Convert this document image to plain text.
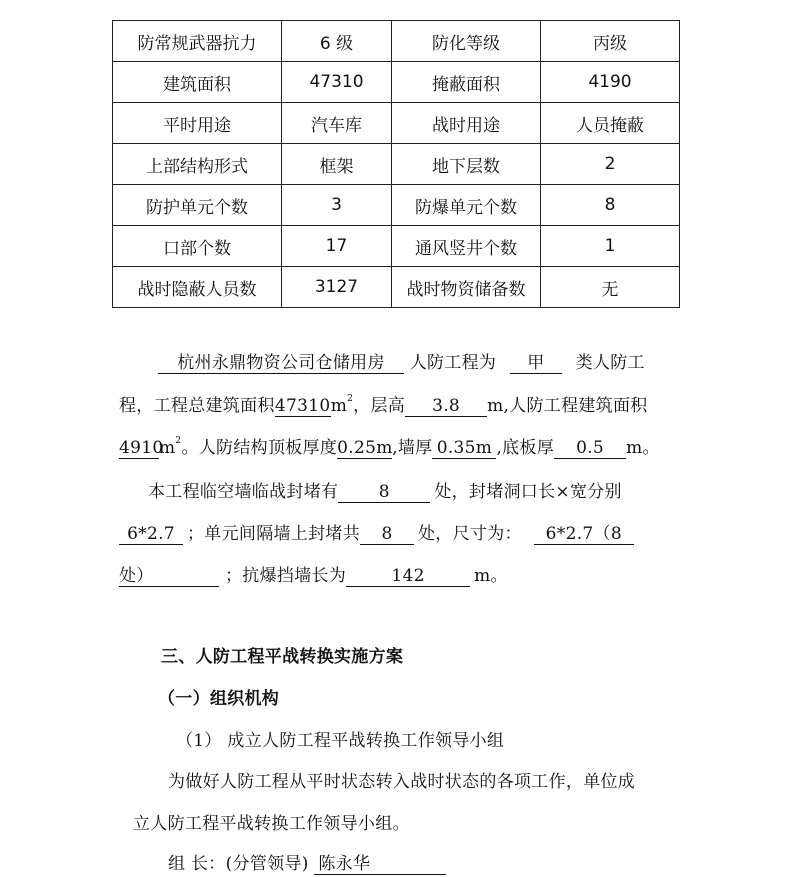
防常规武器抗力	6 级	防化等级	丙级
建筑面积	47310	掩蔽面积	4190
平时用途	汽车库	战时用途	人员掩蔽
上部结构形式	框架	地下层数	2
防护单元个数	3	防爆单元个数	8
口部个数	17	通风竖井个数	1
战时隐蔽人员数	3127	战时物资储备数	无
杭州永鼎物资公司仓储用房 人防工程为 甲 类人防工
程，工程总建筑面积$47310m^2$，层高 3.8 m,人防工程建筑面积
$4910m^2$。人防结构顶板厚度0.25m,墙厚 0.35m ,底板厚 0.5 m。
本工程临空墙临战封堵有 8	处，封堵洞口长×宽分别
6*2.7 ；单元间隔墙上封堵共 8 处，尺寸为： 6*2.7（8
处）	；抗爆挡墙长为	142	m。
三、人防工程平战转换实施方案
（一）组织机构
（1） 成立人防工程平战转换工作领导小组
为做好人防工程从平时状态转入战时状态的各项工作，单位成
立人防工程平战转换工作领导小组。
组 长：(分管领导) 陈永华
